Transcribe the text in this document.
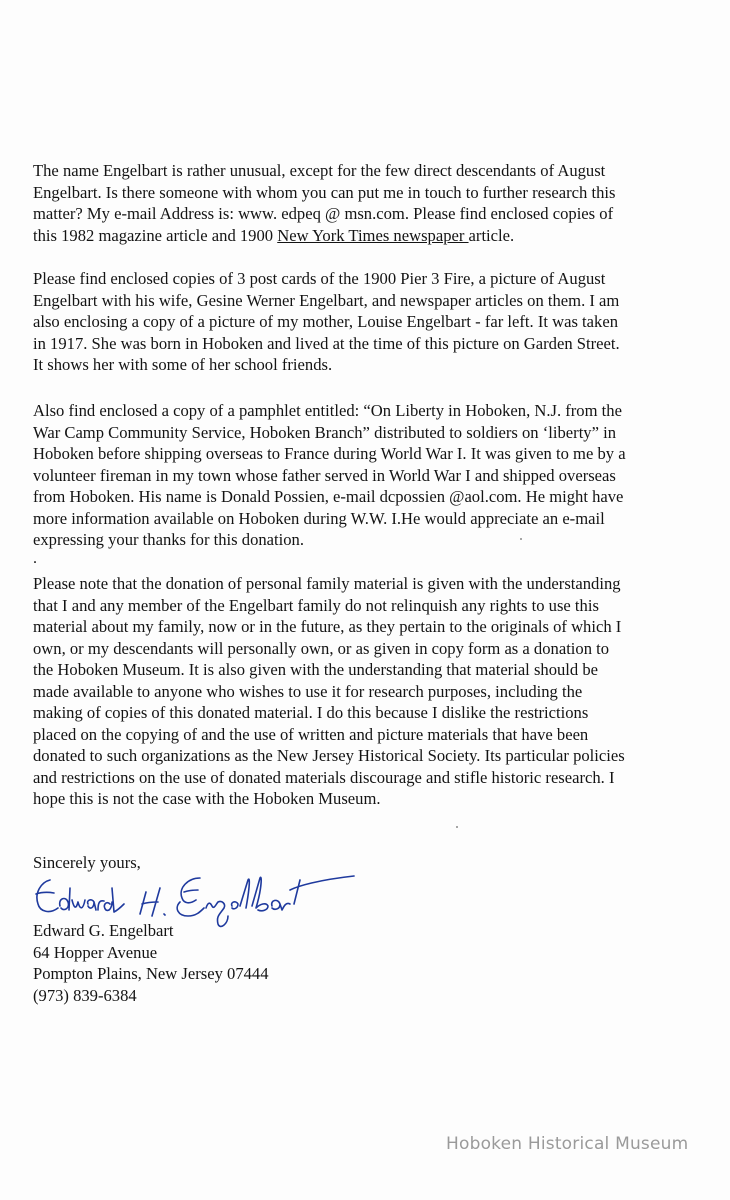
The name Engelbart is rather unusual, except for the few direct descendants of August
Engelbart. Is there someone with whom you can put me in touch to further research this
matter? My e-mail Address is: www. edpeq @ msn.com. Please find enclosed copies of
this 1982 magazine article and 1900 New York Times newspaper article.

Please find enclosed copies of 3 post cards of the 1900 Pier 3 Fire, a picture of August
Engelbart with his wife, Gesine Werner Engelbart, and newspaper articles on them. I am
also enclosing a copy of a picture of my mother, Louise Engelbart - far left. It was taken
in 1917. She was born in Hoboken and lived at the time of this picture on Garden Street.
It shows her with some of her school friends.

Also find enclosed a copy of a pamphlet entitled: “On Liberty in Hoboken, N.J. from the
War Camp Community Service, Hoboken Branch” distributed to soldiers on ‘liberty” in
Hoboken before shipping overseas to France during World War I. It was given to me by a
volunteer fireman in my town whose father served in World War I and shipped overseas
from Hoboken. His name is Donald Possien, e-mail dcpossien @aol.com. He might have
more information available on Hoboken during W.W. I.He would appreciate an e-mail
expressing your thanks for this donation.

.

Please note that the donation of personal family material is given with the understanding
that I and any member of the Engelbart family do not relinquish any rights to use this
material about my family, now or in the future, as they pertain to the originals of which I
own, or my descendants will personally own, or as given in copy form as a donation to
the Hoboken Museum. It is also given with the understanding that material should be
made available to anyone who wishes to use it for research purposes, including the
making of copies of this donated material. I do this because I dislike the restrictions
placed on the copying of and the use of written and picture materials that have been
donated to such organizations as the New Jersey Historical Society. Its particular policies
and restrictions on the use of donated materials discourage and stifle historic research. I
hope this is not the case with the Hoboken Museum.

Sincerely yours,
Edward G. Engelbart
64 Hopper Avenue
Pompton Plains, New Jersey 07444
(973) 839-6384
Hoboken Historical Museum
